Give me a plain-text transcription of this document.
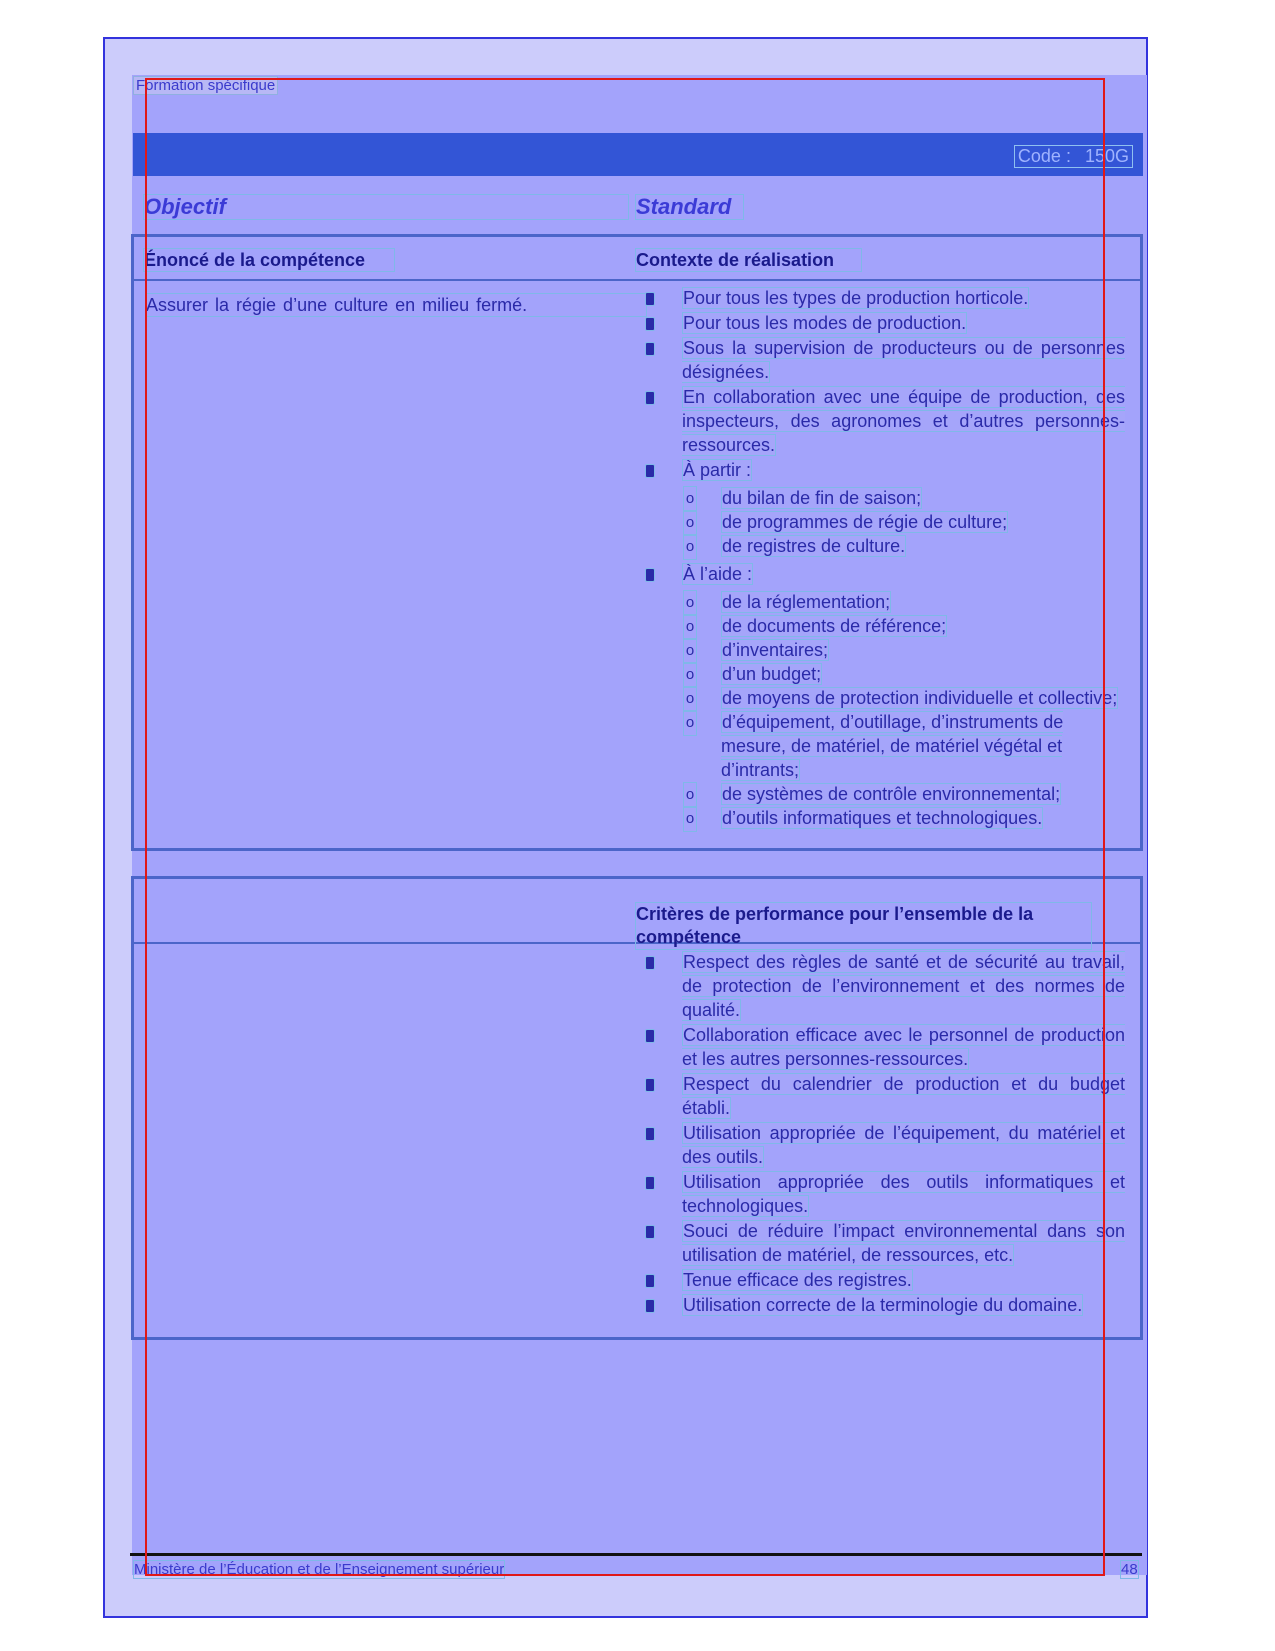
Formation spécifique
Code : 150G
Objectif	Standard
Énoncé de la compétence	Contexte de réalisation
Assurer la régie d’une culture en milieu fermé.	Pour tous les types de production horticole.
Pour tous les modes de production.
Sous la supervision de producteurs ou de personnes désignées.
En collaboration avec une équipe de production, des inspecteurs, des agronomes et d’autres personnes-ressources.
À partir :
o du bilan de fin de saison;
o de programmes de régie de culture;
o de registres de culture.
À l’aide :
o de la réglementation;
o de documents de référence;
o d’inventaires;
o d’un budget;
o de moyens de protection individuelle et collective;
o d’équipement, d’outillage, d’instruments de mesure, de matériel, de matériel végétal et d’intrants;
o de systèmes de contrôle environnemental;
o d’outils informatiques et technologiques.
Critères de performance pour l’ensemble de la compétence
Respect des règles de santé et de sécurité au travail, de protection de l’environnement et des normes de qualité.
Collaboration efficace avec le personnel de production et les autres personnes-ressources.
Respect du calendrier de production et du budget établi.
Utilisation appropriée de l’équipement, du matériel et des outils.
Utilisation appropriée des outils informatiques et technologiques.
Souci de réduire l’impact environnemental dans son utilisation de matériel, de ressources, etc.
Tenue efficace des registres.
Utilisation correcte de la terminologie du domaine.
Ministère de l’Éducation et de l’Enseignement supérieur	48
